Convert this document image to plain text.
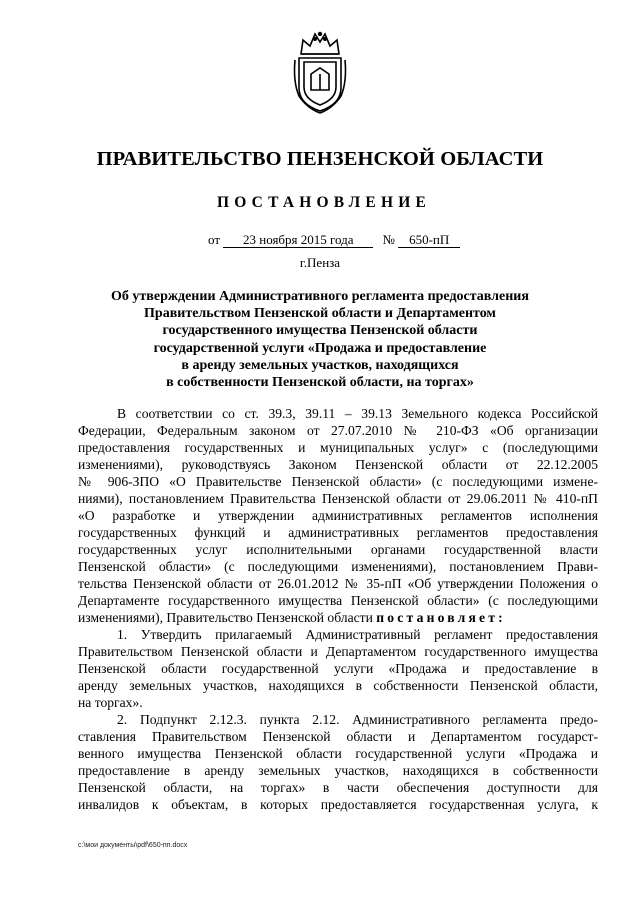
ПРАВИТЕЛЬСТВО ПЕНЗЕНСКОЙ ОБЛАСТИ
ПОСТАНОВЛЕНИЕ
от 23 ноября 2015 года № 650-пП
г.Пенза
Об утверждении Административного регламента предоставления
Правительством Пензенской области и Департаментом
государственного имущества Пензенской области
государственной услуги «Продажа и предоставление
в аренду земельных участков, находящихся
в собственности Пензенской области, на торгах»
В соответствии со ст. 39.3, 39.11 – 39.13 Земельного кодекса Российской
Федерации, Федеральным законом от 27.07.2010 № 210-ФЗ «Об организации
предоставления государственных и муниципальных услуг» с (последующими
изменениями), руководствуясь Законом Пензенской области от 22.12.2005
№ 906-ЗПО «О Правительстве Пензенской области» (с последующими измене-
ниями), постановлением Правительства Пензенской области от 29.06.2011 № 410-пП
«О разработке и утверждении административных регламентов исполнения
государственных функций и административных регламентов предоставления
государственных услуг исполнительными органами государственной власти
Пензенской области» (с последующими изменениями), постановлением Прави-
тельства Пензенской области от 26.01.2012 № 35-пП «Об утверждении Положения о
Департаменте государственного имущества Пензенской области» (с последующими
изменениями), Правительство Пензенской области постановляет:
1. Утвердить прилагаемый Административный регламент предоставления
Правительством Пензенской области и Департаментом государственного имущества
Пензенской области государственной услуги «Продажа и предоставление в
аренду земельных участков, находящихся в собственности Пензенской области,
на торгах».
2. Подпункт 2.12.3. пункта 2.12. Административного регламента предо-
ставления Правительством Пензенской области и Департаментом государст-
венного имущества Пензенской области государственной услуги «Продажа и
предоставление в аренду земельных участков, находящихся в собственности
Пензенской области, на торгах» в части обеспечения доступности для
инвалидов к объектам, в которых предоставляется государственная услуга, к
c:\мои документы\pdf\650-пп.docx
